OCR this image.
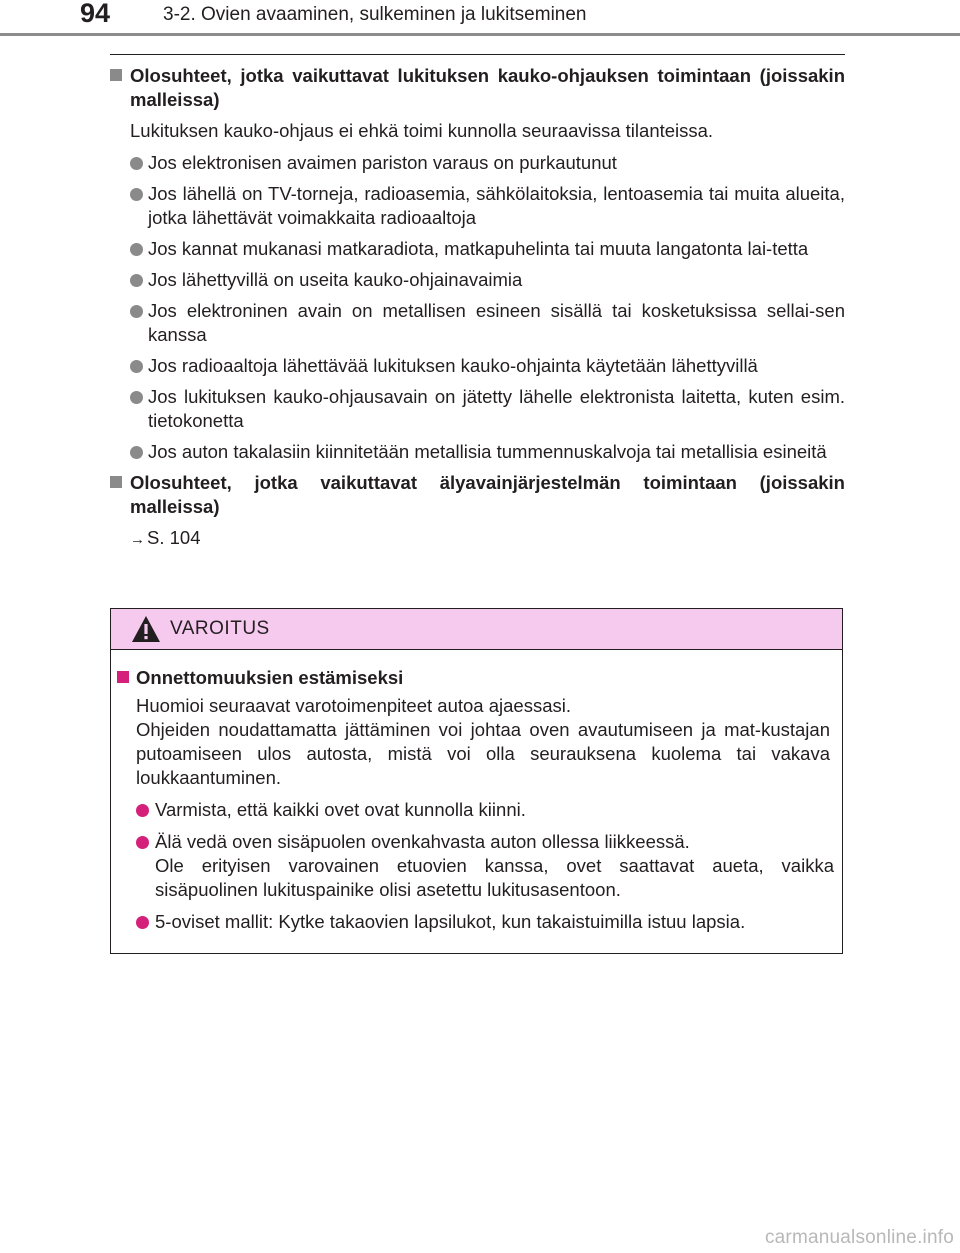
94	3-2. Ovien avaaminen, sulkeminen ja lukitseminen
Olosuhteet, jotka vaikuttavat lukituksen kauko-ohjauksen toimintaan (joissakin malleissa)
Lukituksen kauko-ohjaus ei ehkä toimi kunnolla seuraavissa tilanteissa.
Jos elektronisen avaimen pariston varaus on purkautunut
Jos lähellä on TV-torneja, radioasemia, sähkölaitoksia, lentoasemia tai muita alueita, jotka lähettävät voimakkaita radioaaltoja
Jos kannat mukanasi matkaradiota, matkapuhelinta tai muuta langatonta lai-tetta
Jos lähettyvillä on useita kauko-ohjainavaimia
Jos elektroninen avain on metallisen esineen sisällä tai kosketuksissa sellai-sen kanssa
Jos radioaaltoja lähettävää lukituksen kauko-ohjainta käytetään lähettyvillä
Jos lukituksen kauko-ohjausavain on jätetty lähelle elektronista laitetta, kuten esim. tietokonetta
Jos auton takalasiin kiinnitetään metallisia tummennuskalvoja tai metallisia esineitä
Olosuhteet, jotka vaikuttavat älyavainjärjestelmän toimintaan (joissakin malleissa)
→ S. 104
VAROITUS
Onnettomuuksien estämiseksi
Huomioi seuraavat varotoimenpiteet autoa ajaessasi.
Ohjeiden noudattamatta jättäminen voi johtaa oven avautumiseen ja mat-kustajan putoamiseen ulos autosta, mistä voi olla seurauksena kuolema tai vakava loukkaantuminen.
Varmista, että kaikki ovet ovat kunnolla kiinni.
Älä vedä oven sisäpuolen ovenkahvasta auton ollessa liikkeessä.
Ole erityisen varovainen etuovien kanssa, ovet saattavat aueta, vaikka sisäpuolinen lukituspainike olisi asetettu lukitusasentoon.
5-oviset mallit: Kytke takaovien lapsilukot, kun takaistuimilla istuu lapsia.
carmanualsonline.info
